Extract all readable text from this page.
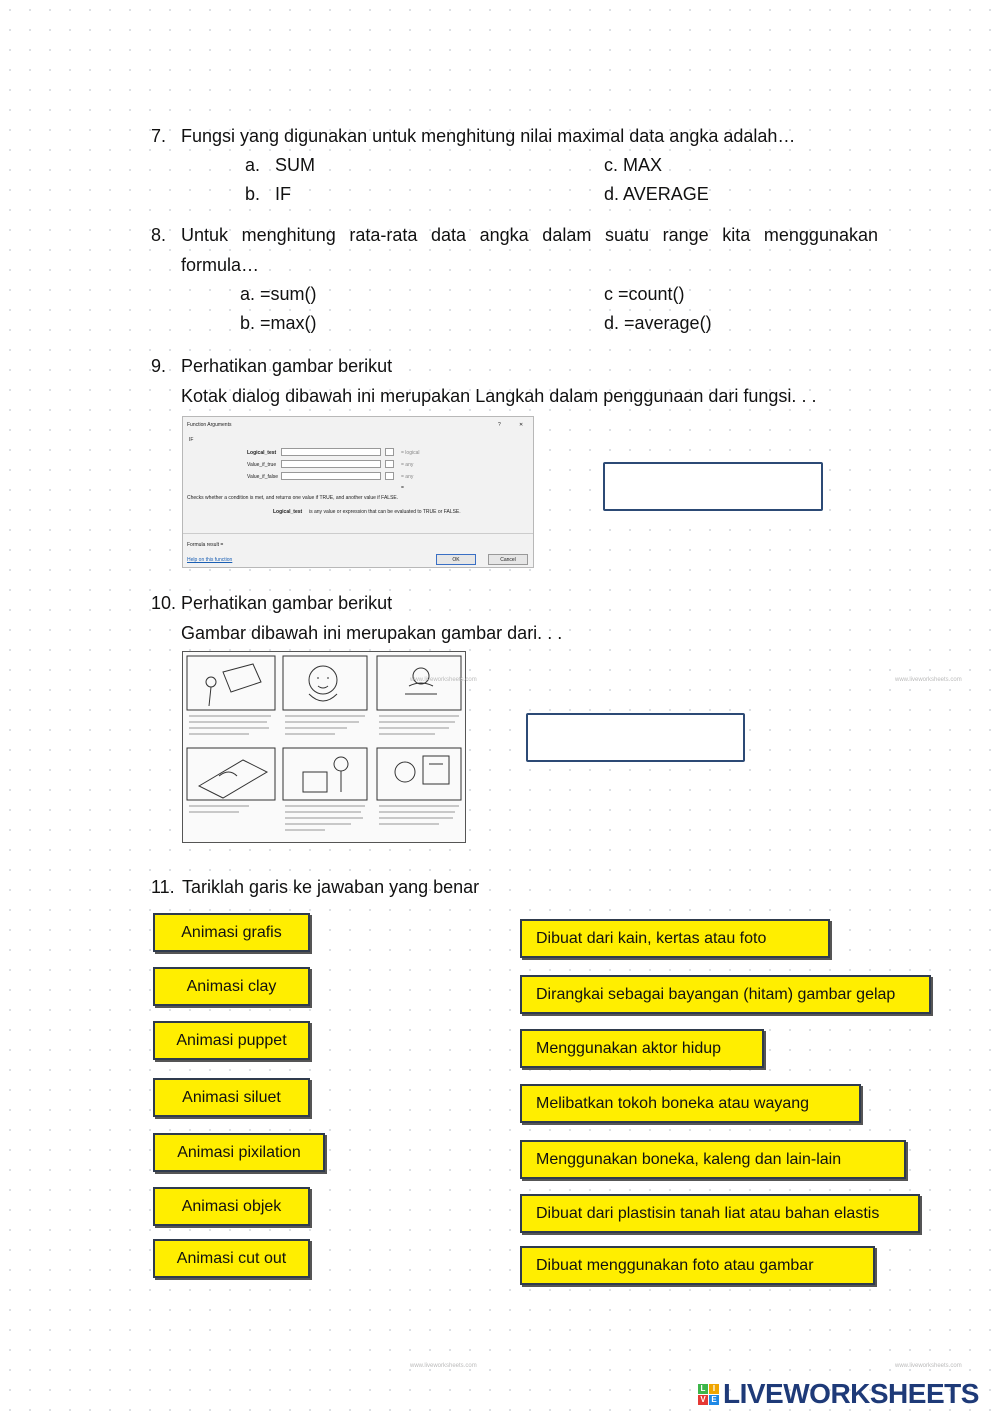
7. Fungsi yang digunakan untuk menghitung nilai maximal data angka adalah…
a.   SUM
b.   IF
c. MAX
d. AVERAGE
8. Untuk menghitung rata-rata data angka dalam suatu range kita menggunakan
formula…
a. =sum()
b. =max()
c =count()
d. =average()
9. Perhatikan gambar berikut
Kotak dialog dibawah ini merupakan Langkah dalam penggunaan dari fungsi. . .
Function Arguments	?	✕
IF
Logical_test	= logical
Value_if_true	= any
Value_if_false	= any
=
Checks whether a condition is met, and returns one value if TRUE, and another value if FALSE.
Logical_test is any value or expression that can be evaluated to TRUE or FALSE.
Formula result =
Help on this function	OK	Cancel
10. Perhatikan gambar berikut
Gambar dibawah ini merupakan gambar dari. . .
11. Tariklah garis ke jawaban yang benar
Animasi grafis
Animasi clay
Animasi puppet
Animasi siluet
Animasi pixilation
Animasi objek
Animasi cut out
Dibuat dari kain, kertas atau foto
Dirangkai sebagai bayangan (hitam) gambar gelap
Menggunakan aktor hidup
Melibatkan tokoh boneka atau wayang
Menggunakan boneka, kaleng dan lain-lain
Dibuat dari plastisin tanah liat atau bahan elastis
Dibuat menggunakan foto atau gambar
www.liveworksheets.com	www.liveworksheets.com
www.liveworksheets.com	www.liveworksheets.com
L I
V E LIVEWORKSHEETS
